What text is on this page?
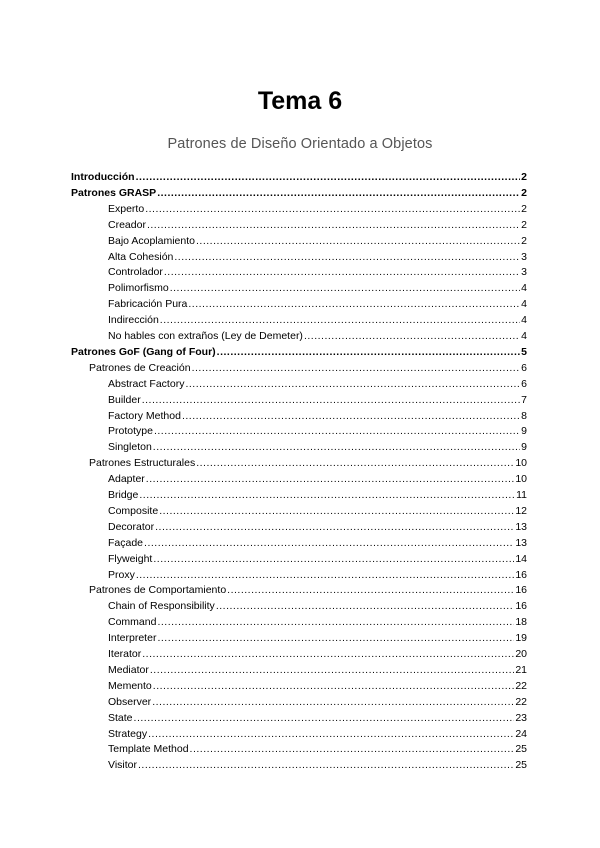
Tema 6
Patrones de Diseño Orientado a Objetos
Introducción .....	2
Patrones GRASP .....	2
Experto .....	2
Creador .....	2
Bajo Acoplamiento .....	2
Alta Cohesión .....	3
Controlador .....	3
Polimorfismo .....	4
Fabricación Pura .....	4
Indirección .....	4
No hables con extraños (Ley de Demeter) .....	4
Patrones GoF (Gang of Four) .....	5
Patrones de Creación .....	6
Abstract Factory .....	6
Builder .....	7
Factory Method .....	8
Prototype .....	9
Singleton .....	9
Patrones Estructurales .....	10
Adapter .....	10
Bridge .....	11
Composite .....	12
Decorator .....	13
Façade .....	13
Flyweight .....	14
Proxy .....	16
Patrones de Comportamiento .....	16
Chain of Responsibility .....	16
Command .....	18
Interpreter .....	19
Iterator .....	20
Mediator .....	21
Memento .....	22
Observer .....	22
State .....	23
Strategy .....	24
Template Method .....	25
Visitor .....	25
